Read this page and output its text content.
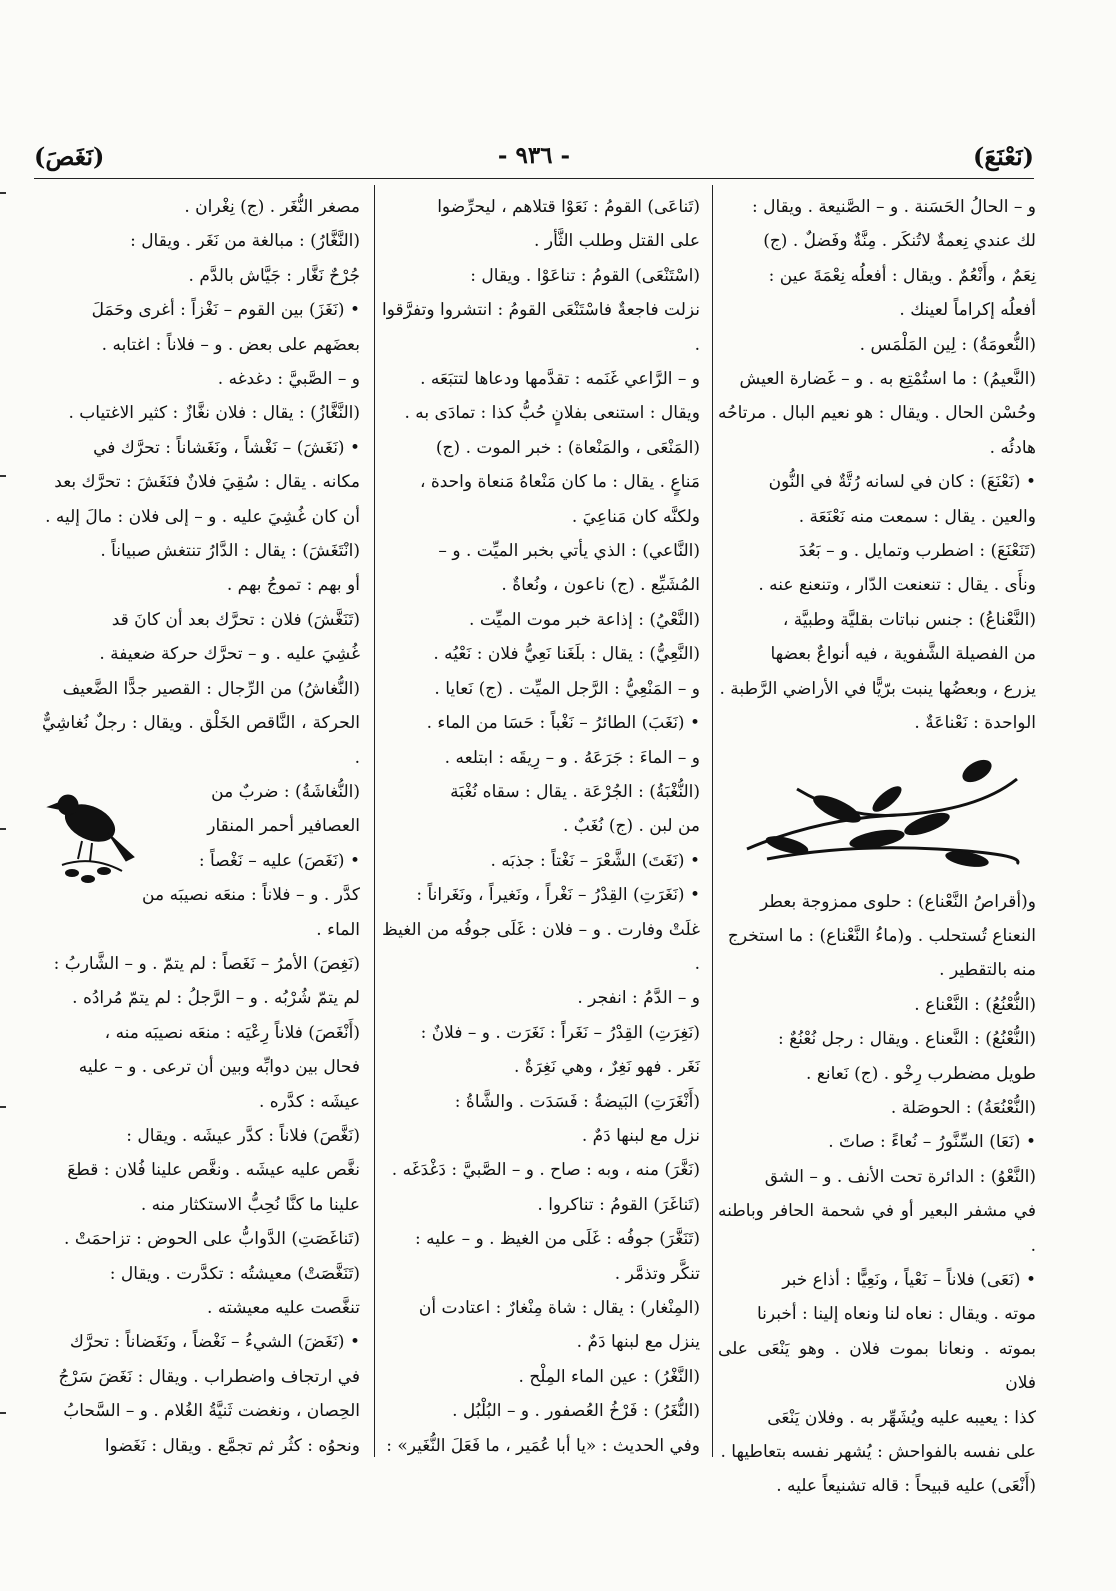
(نَعْنَعَ)
- ٩٣٦ -
(نَغَصَ)

و – الحالُ الحَسَنة . و – الصَّنيعة . ويقال :

لك عندي نِعمةٌ لاتُنكَر . مِنَّةٌ وفَضلٌ . (ج)

نِعَمٌ ، وأَنْعُمٌ . ويقال : أفعلُه نِعْمَةَ عين :

أفعلُه إكراماً لعينك .

(النُّعومَةُ) : لِين المَلْمَس .

(النَّعيمُ) : ما استُمْتِع به . و – غَضارة العيش

وحُسْن الحال . ويقال : هو نعيم البال . مرتاحُه هادئُه .

• (نَعْنَعَ) : كان في لسانه رُتَّةٌ في النُّون

والعين . يقال : سمعت منه نَعْنَعَة .

(تَنَعْنَعَ) : اضطرب وتمايل . و – بَعُدَ

ونأَى . يقال : تنعنعت الدّار ، وتنعنع عنه .

(النَّعْناعُ) : جنس نباتات بقليَّة وطبيَّة ،

من الفصيلة الشَّفوية ، فيه أنواعٌ بعضها

يزرع ، وبعضُها ينبت برّيًّا في الأراضي الرَّطبة .

الواحدة : نَعْناعَةٌ .

و(أقراصُ النَّعْناع) : حلوى ممزوجة بعطر

النعناع تُستحلب . و(ماءُ النَّعْناع) : ما استخرج

منه بالتقطير .

(النُّعْنُعُ) : النَّعْناع .

(النُّعْنُعُ) : النَّعناع . ويقال : رجل نُعْنُعٌ :

طويل مضطرب رِخْو . (ج) نَعانع .

(النُّعْنُعَةُ) : الحوصَلة .

• (نَعَا) السِّنَّورُ – نُعاءً : صاتَ .

(النَّعْوُ) : الدائرة تحت الأنف . و – الشق

في مشفر البعير أو في شحمة الحافر وباطنه .

• (نَعَى) فلاناً – نَعْياً ، ونَعِيًّا : أذاع خبر

موته . ويقال : نعاه لنا ونعاه إلينا : أخبرنا

بموته . ونعانا بموت فلان . وهو يَنْعَى على فلان

كذا : يعيبه عليه ويُشَهِّر به . وفلان يَنْعَى

على نفسه بالفواحش : يُشهر نفسه بتعاطيها .

(أَنْعَى) عليه قبيحاً : قاله تشنيعاً عليه .

(تَناعَى) القومُ : نَعَوْا قتلاهم ، ليحرِّضوا

على القتل وطلب الثَّأر .

(اسْتَنْعَى) القومُ : تناعَوْا . ويقال :

نزلت فاجعةٌ فاسْتَنْعَى القومُ : انتشروا وتفرَّقوا .

و – الرَّاعي غَنَمه : تقدَّمها ودعاها لتتبَعَه .

ويقال : استنعى بفلانٍ حُبُّ كذا : تمادَى به .

(المَنْعَى ، والمَنْعاة) : خبر الموت . (ج)

مَناعٍ . يقال : ما كان مَنْعاهُ مَنعاة واحدة ،

ولكنَّه كان مَناعِيَ .

(النَّاعي) : الذي يأتي بخبر الميِّت . و –

المُشَيِّع . (ج) ناعون ، ونُعاةٌ .

(النَّعْيُ) : إذاعة خبر موت الميِّت .

(النَّعِيُّ) : يقال : بلَغَنا نَعِيُّ فلان : نَعْيُه .

و – المَنْعِيُّ : الرَّجل الميِّت . (ج) نَعايا .

• (نَغَبَ) الطائرُ – نَغْباً : حَسَا من الماء .

و – الماءَ : جَرَعَهُ . و – رِيقَه : ابتلعه .

(النُّغْبَةُ) : الجُرْعَة . يقال : سقاه نُغْبَة

من لبن . (ج) نُغَبٌ .

• (نَغَتَ) الشَّعْرَ – نَغْتاً : جذبَه .

• (نَغَرَتِ) القِدْرُ – نَغْراً ، ونَغيراً ، ونَغَراناً :

غلَتْ وفارت . و – فلان : غَلَى جوفُه من الغيظ .

و – الدَّمُ : انفجر .

(نَغِرَتِ) القِدْرُ – نَغَراً : نَغَرَت . و – فلانٌ :

نَغَر . فهو نَغِرٌ ، وهي نَغِرَةٌ .

(أَنْغَرَتِ) البَيضةُ : فَسَدَت . والشَّاةُ :

نزل مع لبنها دَمٌ .

(نَغَّرَ) منه ، وبه : صاح . و – الصَّبيَّ : دَغْدَغَه .

(تَناغَرَ) القومُ : تناكروا .

(تَنَغَّرَ) جوفُه : غَلَى من الغيظ . و – عليه :

تنكَّر وتذمَّر .

(المِنْغار) : يقال : شاة مِنْغارٌ : اعتادت أن

ينزل مع لبنها دَمٌ .

(النَّغْرُ) : عين الماء المِلْح .

(النُّغَرُ) : فَرْخُ العُصفور . و – البُلْبُل .

وفي الحديث : «يا أبا عُمَير ، ما فَعَلَ النُّغَير» :

مصغر النُّغَر . (ج) نِغْران .

(النَّغَّارُ) : مبالغة من نَغَر . ويقال :

جُرْحٌ نَغَّار : جَيَّاش بالدَّم .

• (نَغَزَ) بين القوم – نَغْزاً : أغرى وحَمَلَ

بعضَهم على بعض . و – فلاناً : اغتابه .

و – الصَّبيَّ : دغدغه .

(النَّغَّازُ) : يقال : فلان نغَّازٌ : كثير الاغتياب .

• (نَغَشَ) – نَغْشاً ، ونَغَشاناً : تحرَّك في

مكانه . يقال : سُقِيَ فلانٌ فنَغَشَ : تحرَّك بعد

أن كان غُشِيَ عليه . و – إلى فلان : مالَ إليه .

(انْتَغَشَ) : يقال : الدَّارُ تنتغش صبياناً .

أو بهم : تموجُ بهم .

(تَنَغَّشَ) فلان : تحرَّك بعد أن كانَ قد

غُشِيَ عليه . و – تحرَّك حركة ضعيفة .

(النُّغاشُ) من الرِّجال : القصير جدًّا الضَّعيف

الحركة ، النَّاقص الخَلْق . ويقال : رجلٌ نُغاشِيٌّ .

(النُّغاشَةُ) : ضربٌ من

العصافير أحمر المنقار

• (نَغَصَ) عليه – نَغْصاً :

كدَّر . و – فلاناً : منعَه نصيبَه من الماء .

(نَغِصَ) الأمرُ – نَغَصاً : لم يتمّ . و – الشَّاربُ :

لم يتمّ شُرْبُه . و – الرَّجلُ : لم يتمّ مُرادُه .

(أَنْغَصَ) فلاناً رِعْيَه : منعَه نصيبَه منه ،

فحال بين دوابِّه وبين أن ترعى . و – عليه

عيشَه : كدَّره .

(نَغَّصَ) فلاناً : كدَّر عيشَه . ويقال :

نغَّص عليه عيشَه . ونغَّص علينا فُلان : قطعَ

علينا ما كنَّا نُحِبُّ الاستكثار منه .

(تَناغَصَتِ) الدَّوابُّ على الحوض : تزاحمَتْ .

(تَنَغَّصَتْ) معيشتُه : تكدَّرت . ويقال :

تنغَّصت عليه معيشته .

• (نَغَضَ) الشيءُ – نَغْضاً ، ونَغَضاناً : تحرَّك

في ارتجاف واضطراب . ويقال : نَغَضَ سَرْجُ

الحِصان ، ونغضت ثَنيَّةُ الغُلام . و – السَّحابُ

ونحوُه : كثُر ثم تجمَّع . ويقال : نَغَضوا
